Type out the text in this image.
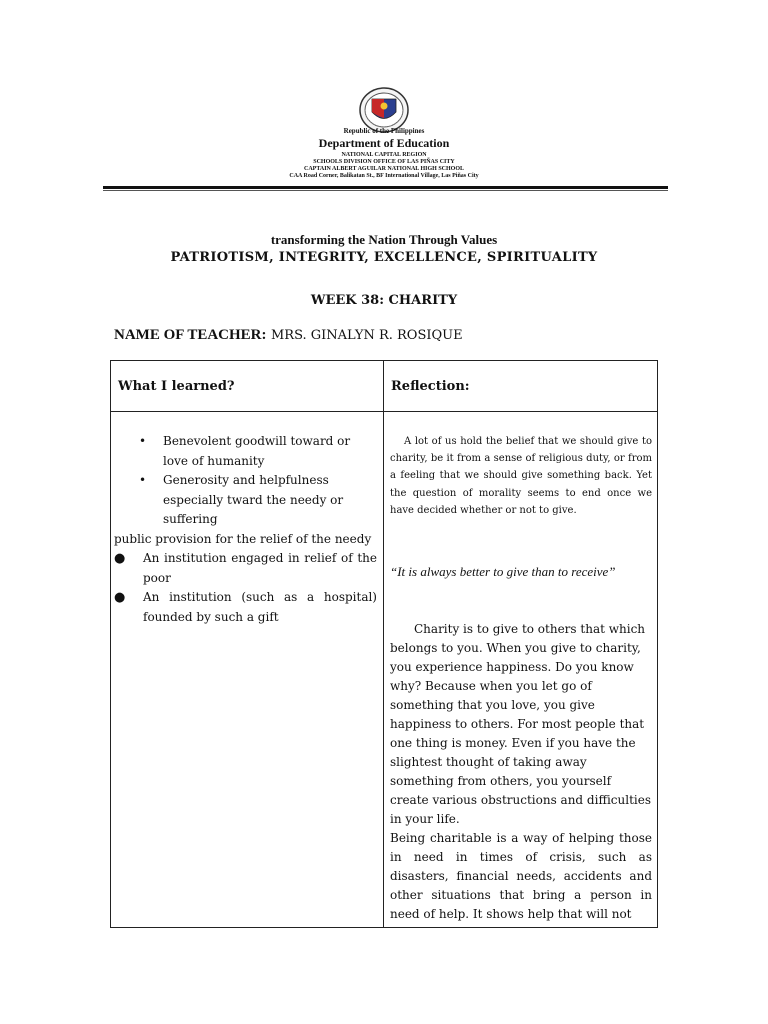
Republic of the Philippines
Department of Education
NATIONAL CAPITAL REGION
SCHOOLS DIVISION OFFICE OF LAS PIÑAS CITY
CAPTAIN ALBERT AGUILAR NATIONAL HIGH SCHOOL
CAA Road Corner, Balikatan St., BF International Village, Las Piñas City
transforming the Nation Through Values
PATRIOTISM, INTEGRITY, EXCELLENCE, SPIRITUALITY
WEEK 38: CHARITY
NAME OF TEACHER: MRS. GINALYN R. ROSIQUE
What I learned?	Reflection:
• Benevolent goodwill toward or love of humanity
• Generosity and helpfulness especially tward the needy or suffering
public provision for the relief of the needy
● An institution engaged in relief of the poor
● An institution (such as a hospital) founded by such a gift
A lot of us hold the belief that we should give to charity, be it from a sense of religious duty, or from a feeling that we should give something back. Yet the question of morality seems to end once we have decided whether or not to give.
“It is always better to give than to receive”
Charity is to give to others that which belongs to you. When you give to charity, you experience happiness. Do you know why? Because when you let go of something that you love, you give happiness to others. For most people that one thing is money. Even if you have the slightest thought of taking away something from others, you yourself create various obstructions and difficulties in your life.
Being charitable is a way of helping those in need in times of crisis, such as disasters, financial needs, accidents and other situations that bring a person in need of help. It shows help that will not
